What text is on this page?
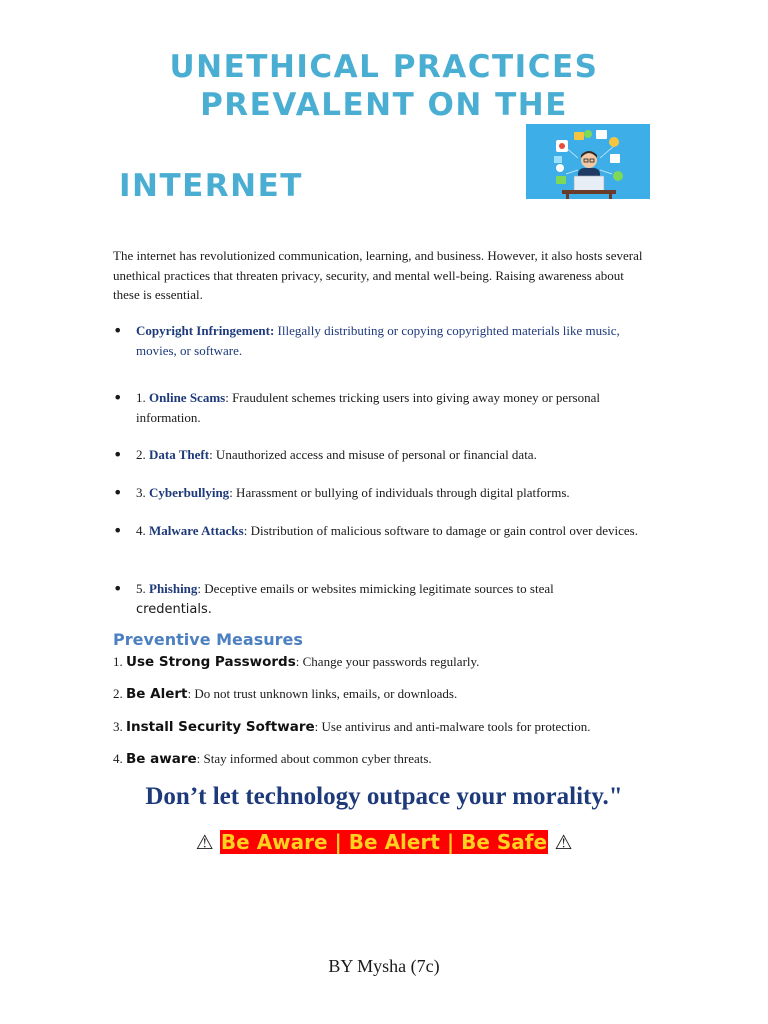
UNETHICAL PRACTICES
PREVALENT ON THE
INTERNET
The internet has revolutionized communication, learning, and business. However, it also hosts several unethical practices that threaten privacy, security, and mental well-being. Raising awareness about these is essential.
• Copyright Infringement: Illegally distributing or copying copyrighted materials like music, movies, or software.
• 1. Online Scams: Fraudulent schemes tricking users into giving away money or personal information.
• 2. Data Theft: Unauthorized access and misuse of personal or financial data.
• 3. Cyberbullying: Harassment or bullying of individuals through digital platforms.
• 4. Malware Attacks: Distribution of malicious software to damage or gain control over devices.
• 5. Phishing: Deceptive emails or websites mimicking legitimate sources to steal
credentials.
Preventive Measures
1. Use Strong Passwords: Change your passwords regularly.
2. Be Alert: Do not trust unknown links, emails, or downloads.
3. Install Security Software: Use antivirus and anti-malware tools for protection.
4. Be aware: Stay informed about common cyber threats.
Don’t let technology outpace your morality."
⚠ Be Aware | Be Alert | Be Safe ⚠
BY Mysha (7c)
